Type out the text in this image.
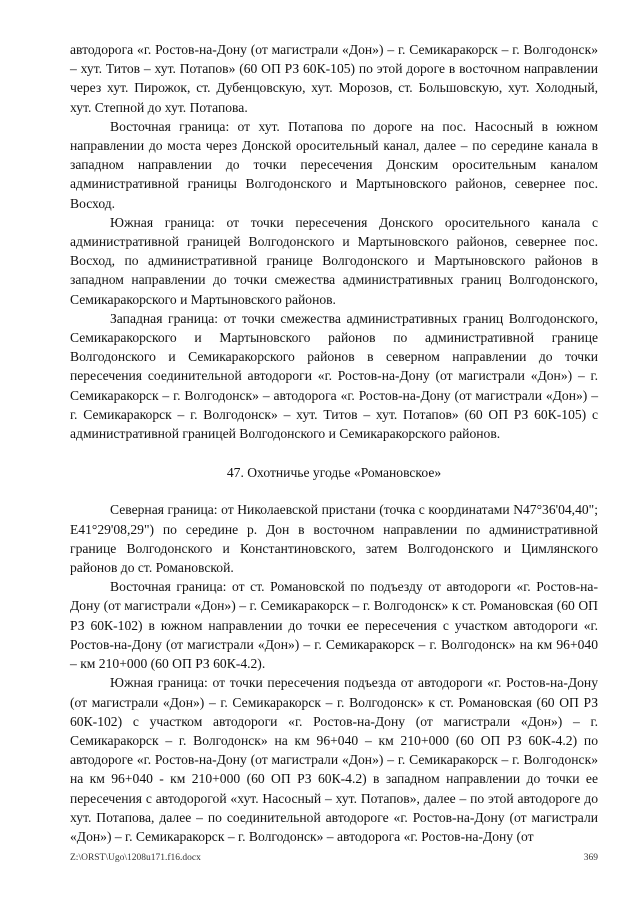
автодорога «г. Ростов-на-Дону (от магистрали «Дон») – г. Семикаракорск – г. Волгодонск» – хут. Титов – хут. Потапов» (60 ОП РЗ 60К-105) по этой дороге в восточном направлении через хут. Пирожок, ст. Дубенцовскую, хут. Морозов, ст. Большовскую, хут. Холодный, хут. Степной до хут. Потапова.

Восточная граница: от хут. Потапова по дороге на пос. Насосный в южном направлении до моста через Донской оросительный канал, далее – по середине канала в западном направлении до точки пересечения Донским оросительным каналом административной границы Волгодонского и Мартыновского районов, севернее пос. Восход.

Южная граница: от точки пересечения Донского оросительного канала с административной границей Волгодонского и Мартыновского районов, севернее пос. Восход, по административной границе Волгодонского и Мартыновского районов в западном направлении до точки смежества административных границ Волгодонского, Семикаракорского и Мартыновского районов.

Западная граница: от точки смежества административных границ Волгодонского, Семикаракорского и Мартыновского районов по административной границе Волгодонского и Семикаракорского районов в северном направлении до точки пересечения соединительной автодороги «г. Ростов-на-Дону (от магистрали «Дон») – г. Семикаракорск – г. Волгодонск» – автодорога «г. Ростов-на-Дону (от магистрали «Дон») – г. Семикаракорск – г. Волгодонск» – хут. Титов – хут. Потапов» (60 ОП РЗ 60К-105) с административной границей Волгодонского и Семикаракорского районов.

47. Охотничье угодье «Романовское»

Северная граница: от Николаевской пристани (точка с координатами N47°36'04,40"; E41°29'08,29") по середине р. Дон в восточном направлении по административной границе Волгодонского и Константиновского, затем Волгодонского и Цимлянского районов до ст. Романовской.

Восточная граница: от ст. Романовской по подъезду от автодороги «г. Ростов-на-Дону (от магистрали «Дон») – г. Семикаракорск – г. Волгодонск» к ст. Романовская (60 ОП РЗ 60К-102) в южном направлении до точки ее пересечения с участком автодороги «г. Ростов-на-Дону (от магистрали «Дон») – г. Семикаракорск – г. Волгодонск» на км 96+040 – км 210+000 (60 ОП РЗ 60К-4.2).

Южная граница: от точки пересечения подъезда от автодороги «г. Ростов-на-Дону (от магистрали «Дон») – г. Семикаракорск – г. Волгодонск» к ст. Романовская (60 ОП РЗ 60К-102) с участком автодороги «г. Ростов-на-Дону (от магистрали «Дон») – г. Семикаракорск – г. Волгодонск» на км 96+040 – км 210+000 (60 ОП РЗ 60К-4.2) по автодороге «г. Ростов-на-Дону (от магистрали «Дон») – г. Семикаракорск – г. Волгодонск» на км 96+040 - км 210+000 (60 ОП РЗ 60К-4.2) в западном направлении до точки ее пересечения с автодорогой «хут. Насосный – хут. Потапов», далее – по этой автодороге до хут. Потапова, далее – по соединительной автодороге «г. Ростов-на-Дону (от магистрали «Дон») – г. Семикаракорск – г. Волгодонск» – автодорога «г. Ростов-на-Дону (от

Z:\ORST\Ugo\1208u171.f16.docx	369
